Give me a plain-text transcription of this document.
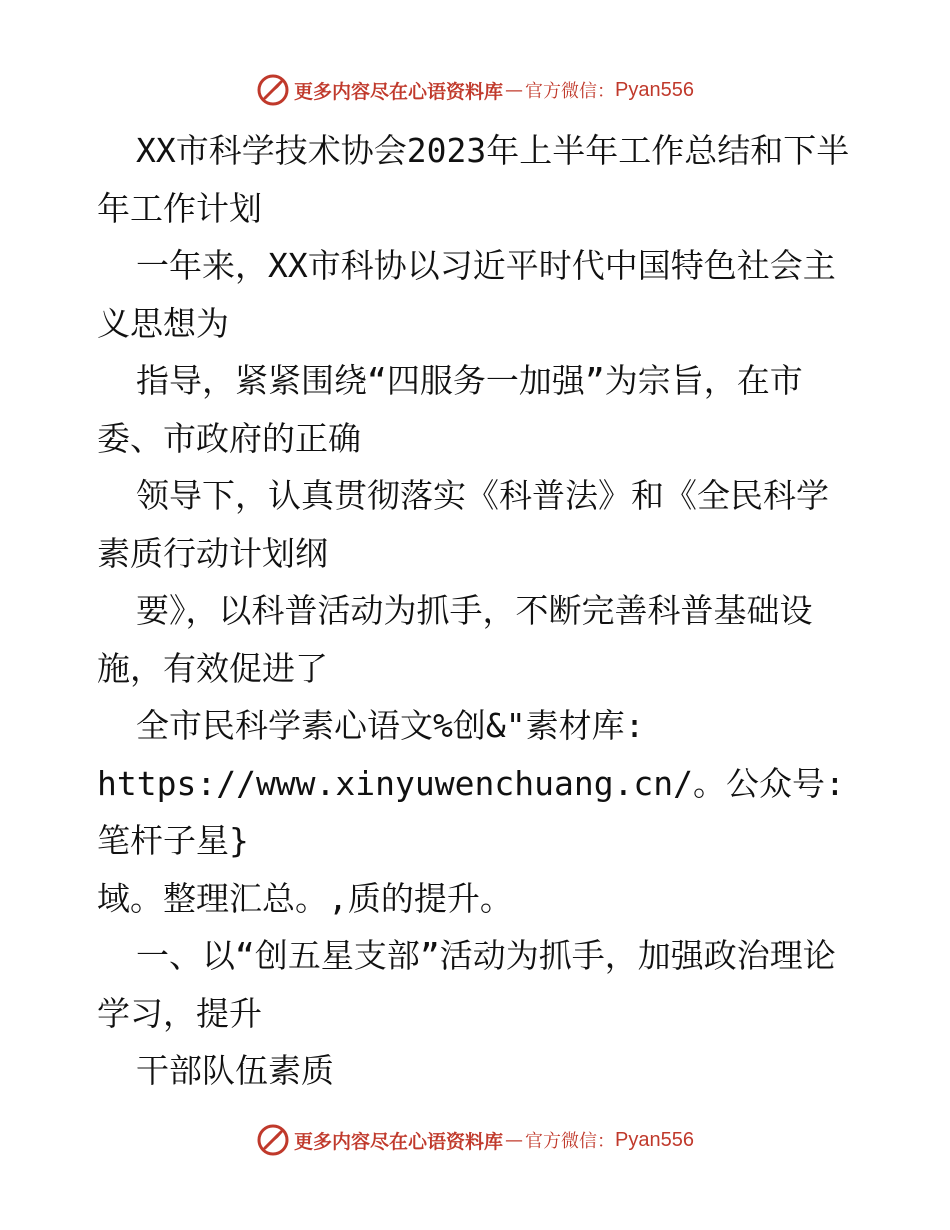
更多内容尽在心语资料库 — 官方微信： Pyan556

XX市科学技术协会2023年上半年工作总结和下半年工作计划

一年来，XX市科协以习近平时代中国特色社会主义思想为

指导，紧紧围绕“四服务一加强”为宗旨，在市委、市政府的正确

领导下，认真贯彻落实《科普法》和《全民科学素质行动计划纲

要》，以科普活动为抓手，不断完善科普基础设施，有效促进了

全市民科学素心语文%创&"素材库: https://www.xinyuwenchuang.cn/。公众号: 笔杆子星}

域。整理汇总。,质的提升。

一、以“创五星支部”活动为抓手，加强政治理论学习，提升

干部队伍素质

更多内容尽在心语资料库 — 官方微信： Pyan556
